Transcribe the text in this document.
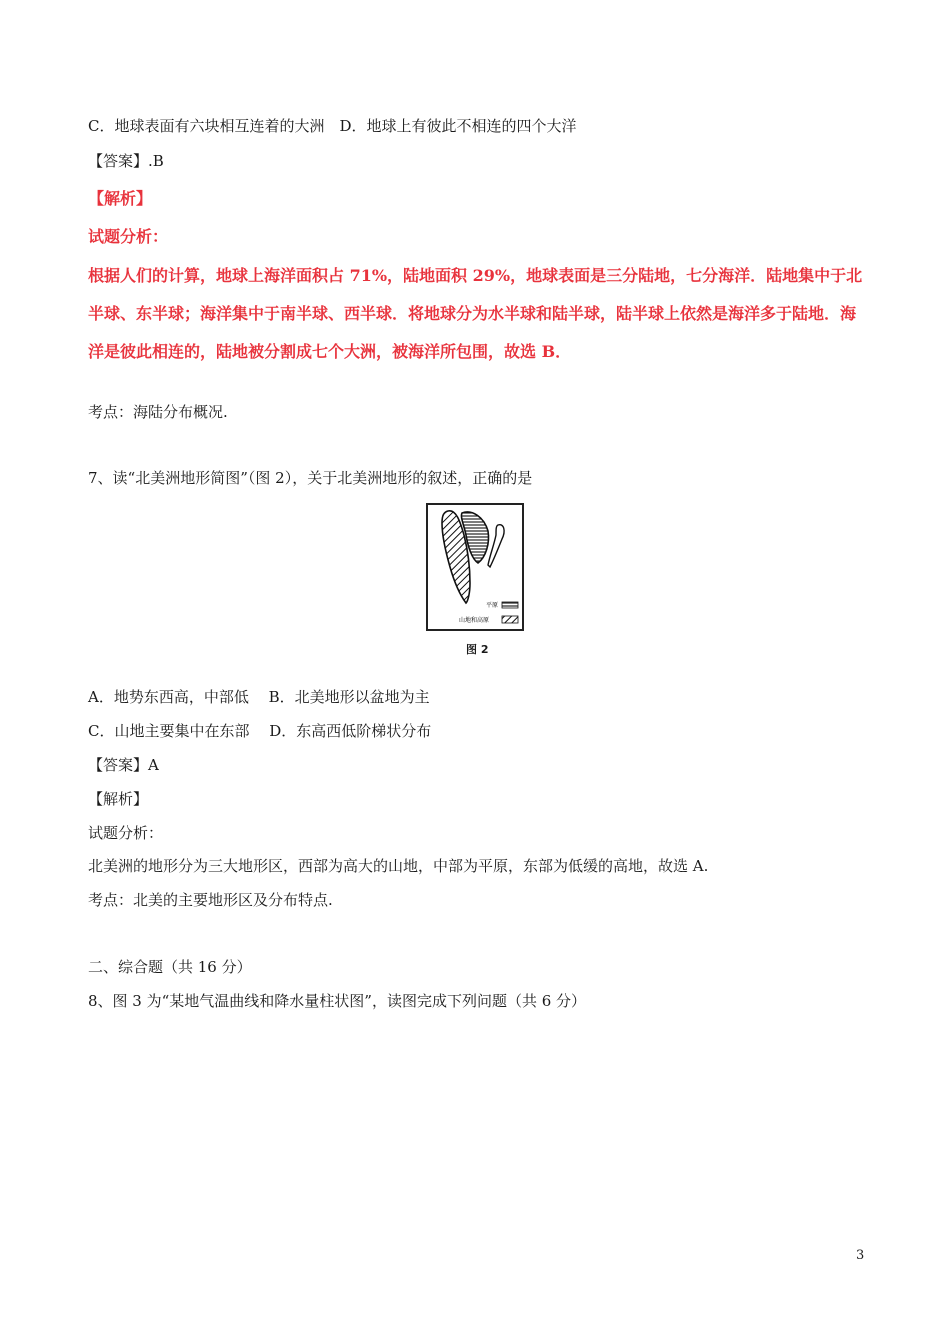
C．地球表面有六块相互连着的大洲　D．地球上有彼此不相连的四个大洋
【答案】.B
【解析】
试题分析：
根据人们的计算，地球上海洋面积占 71%，陆地面积 29%，地球表面是三分陆地，七分海洋．陆地集中于北
半球、东半球；海洋集中于南半球、西半球．将地球分为水半球和陆半球，陆半球上依然是海洋多于陆地．海
洋是彼此相连的，陆地被分割成七个大洲，被海洋所包围，故选 B．
考点：海陆分布概况.
7、读“北美洲地形简图”（图 2），关于北美洲地形的叙述，正确的是
平原
山地和高原
图 2
A．地势东西高，中部低　 B．北美地形以盆地为主
C．山地主要集中在东部　 D．东高西低阶梯状分布
【答案】A
【解析】
试题分析：
北美洲的地形分为三大地形区，西部为高大的山地，中部为平原，东部为低缓的高地，故选 A.
考点：北美的主要地形区及分布特点.
二、综合题（共 16 分）
8、图 3 为“某地气温曲线和降水量柱状图”，读图完成下列问题（共 6 分）
3
